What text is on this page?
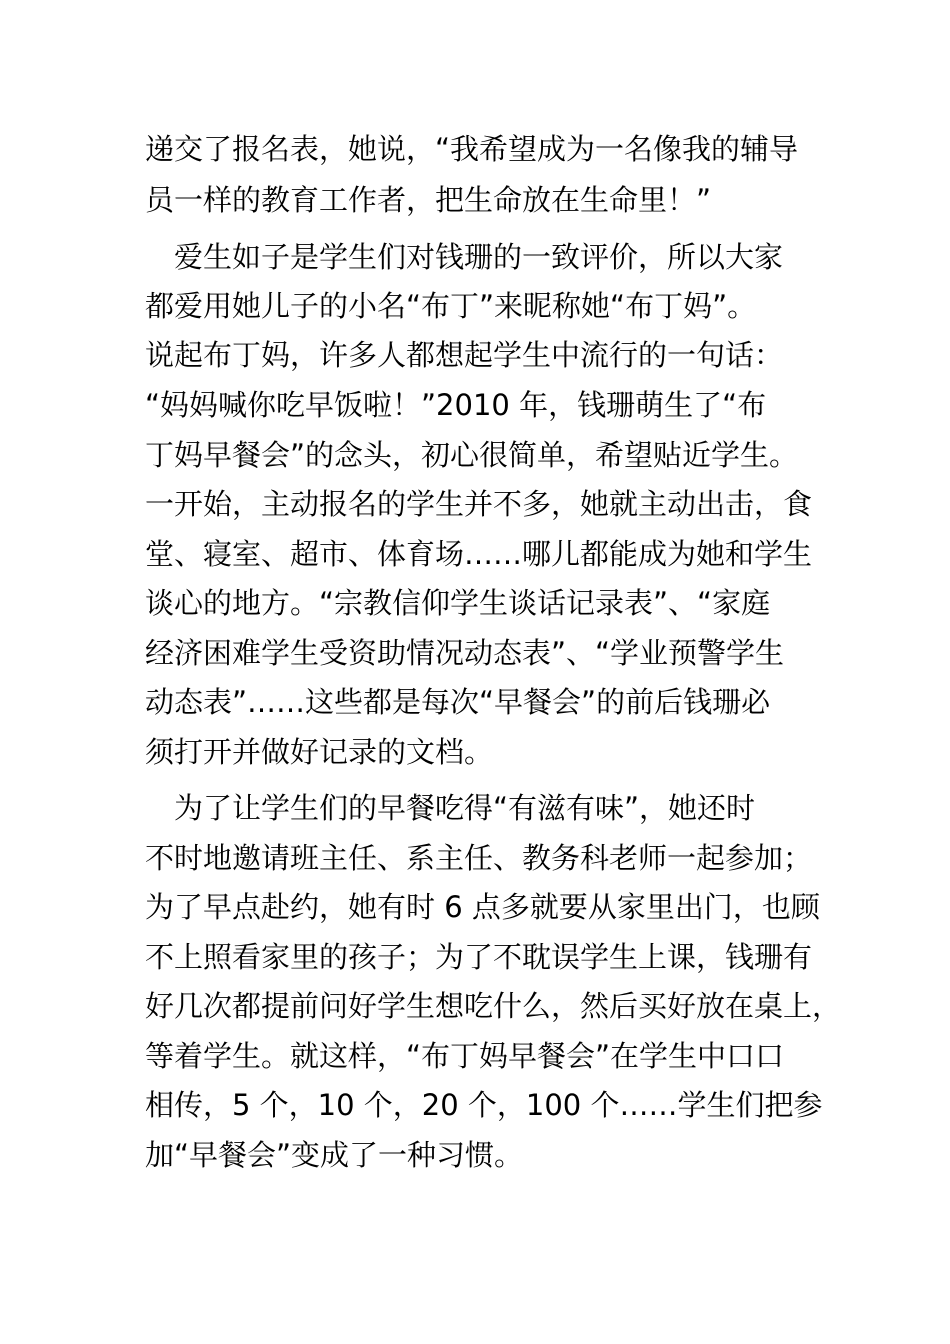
递交了报名表，她说，“我希望成为一名像我的辅导
员一样的教育工作者，把生命放在生命里！”
　爱生如子是学生们对钱珊的一致评价，所以大家
都爱用她儿子的小名“布丁”来昵称她“布丁妈”。
说起布丁妈，许多人都想起学生中流行的一句话：
“妈妈喊你吃早饭啦！”2010 年，钱珊萌生了“布
丁妈早餐会”的念头，初心很简单，希望贴近学生。
一开始，主动报名的学生并不多，她就主动出击，食
堂、寝室、超市、体育场……哪儿都能成为她和学生
谈心的地方。“宗教信仰学生谈话记录表”、“家庭
经济困难学生受资助情况动态表”、“学业预警学生
动态表”……这些都是每次“早餐会”的前后钱珊必
须打开并做好记录的文档。
　为了让学生们的早餐吃得“有滋有味”，她还时
不时地邀请班主任、系主任、教务科老师一起参加；
为了早点赴约，她有时 6 点多就要从家里出门，也顾
不上照看家里的孩子；为了不耽误学生上课，钱珊有
好几次都提前问好学生想吃什么，然后买好放在桌上，
等着学生。就这样，“布丁妈早餐会”在学生中口口
相传，5 个，10 个，20 个，100 个……学生们把参
加“早餐会”变成了一种习惯。
